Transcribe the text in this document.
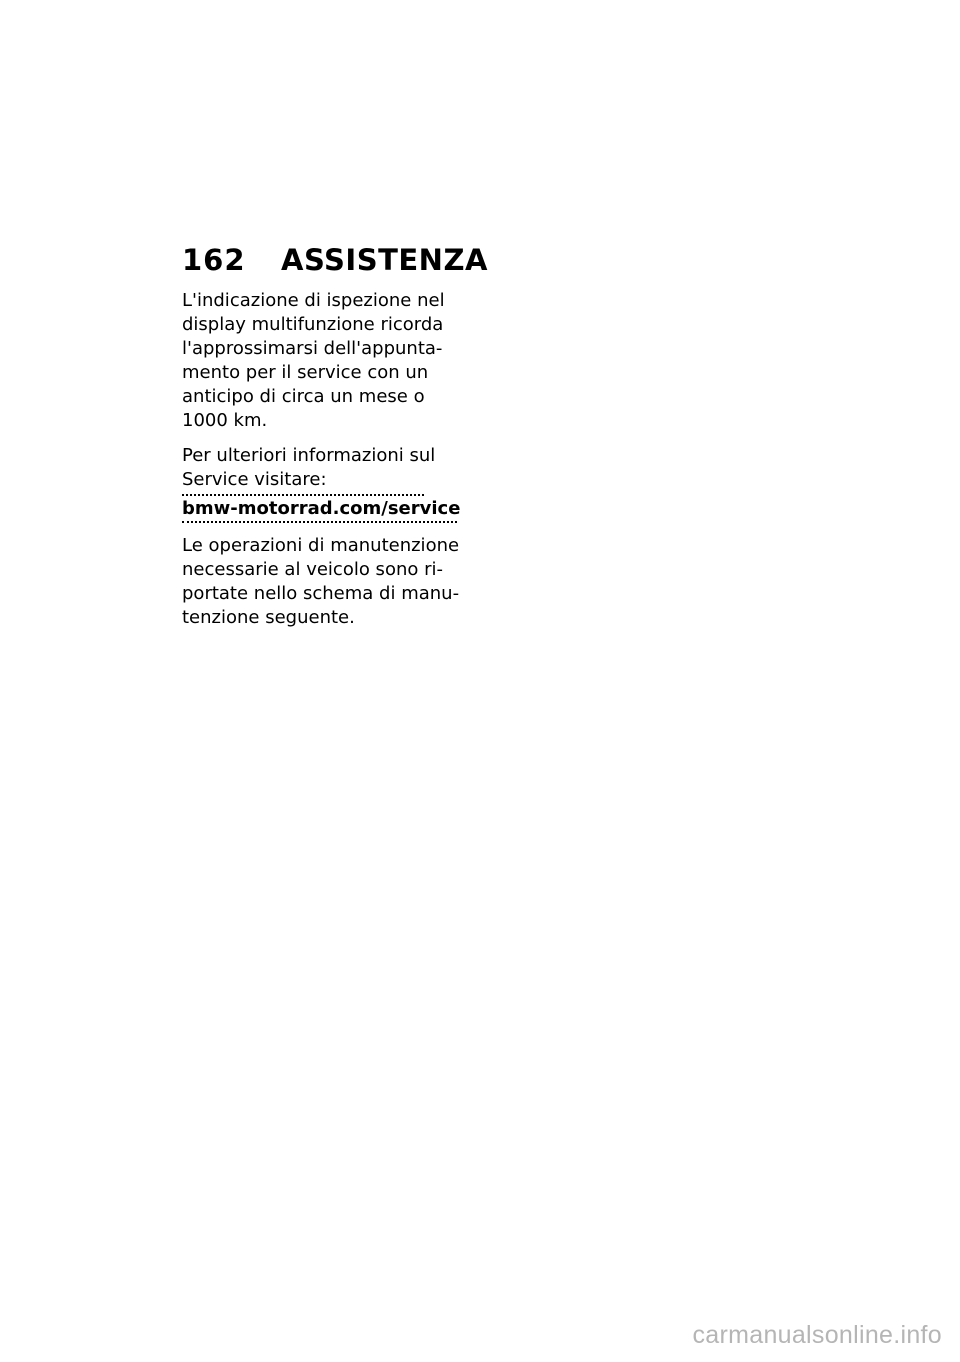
162 ASSISTENZA

L'indicazione di ispezione nel
display multifunzione ricorda
l'approssimarsi dell'appunta-
mento per il service con un
anticipo di circa un mese o
1000 km.

Per ulteriori informazioni sul
Service visitare:
bmw-motorrad.com/service

Le operazioni di manutenzione
necessarie al veicolo sono ri-
portate nello schema di manu-
tenzione seguente.

carmanualsonline.info
